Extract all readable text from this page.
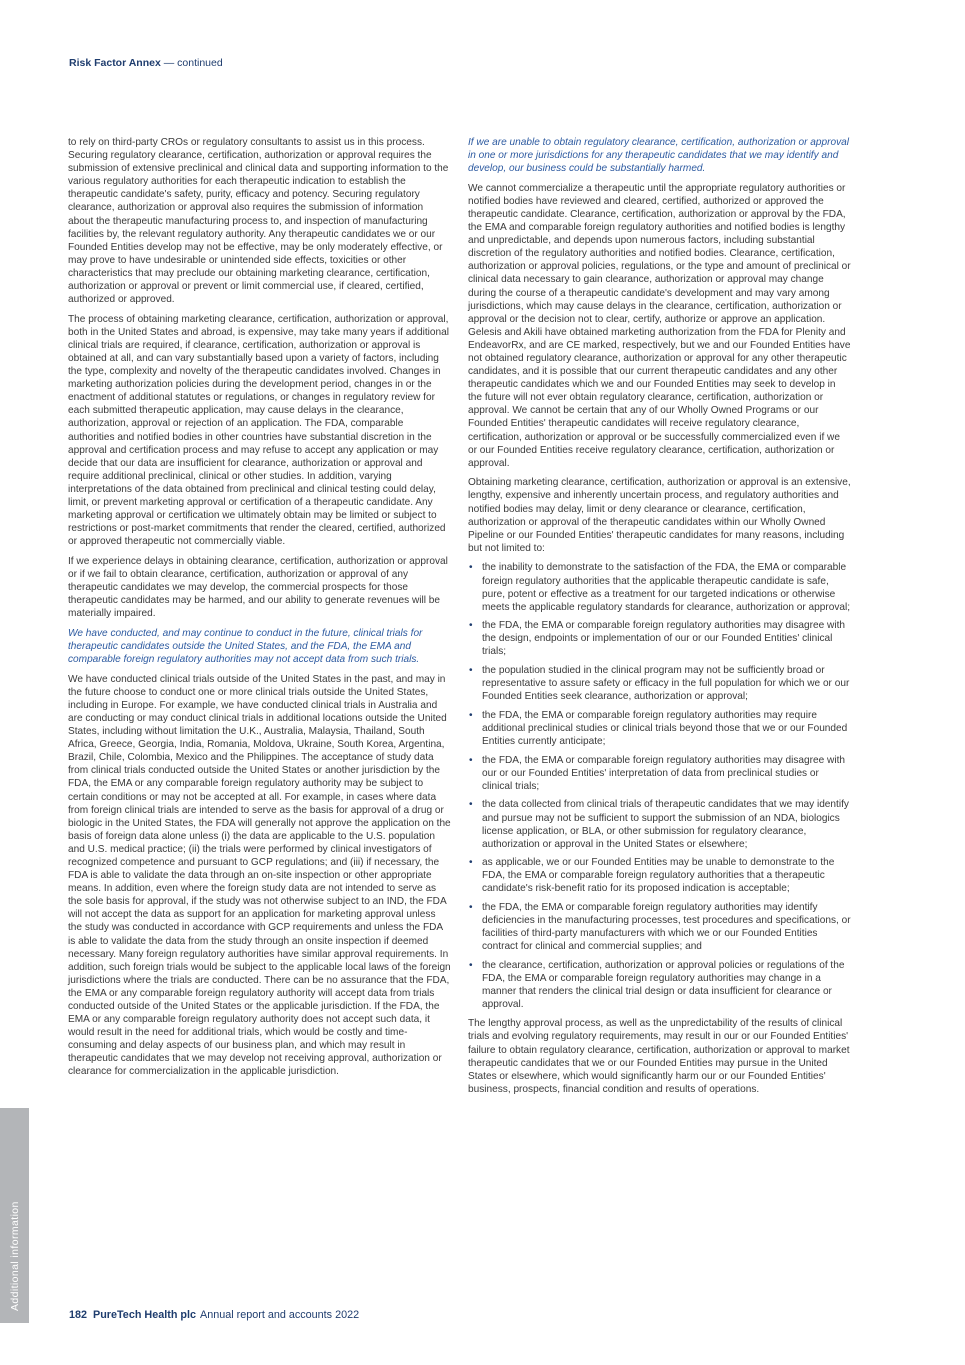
Risk Factor Annex — continued

to rely on third-party CROs or regulatory consultants to assist us in this process. Securing regulatory clearance, certification, authorization or approval requires the submission of extensive preclinical and clinical data and supporting information to the various regulatory authorities for each therapeutic indication to establish the therapeutic candidate's safety, purity, efficacy and potency. Securing regulatory clearance, authorization or approval also requires the submission of information about the therapeutic manufacturing process to, and inspection of manufacturing facilities by, the relevant regulatory authority. Any therapeutic candidates we or our Founded Entities develop may not be effective, may be only moderately effective, or may prove to have undesirable or unintended side effects, toxicities or other characteristics that may preclude our obtaining marketing clearance, certification, authorization or approval or prevent or limit commercial use, if cleared, certified, authorized or approved.

The process of obtaining marketing clearance, certification, authorization or approval, both in the United States and abroad, is expensive, may take many years if additional clinical trials are required, if clearance, certification, authorization or approval is obtained at all, and can vary substantially based upon a variety of factors, including the type, complexity and novelty of the therapeutic candidates involved. Changes in marketing authorization policies during the development period, changes in or the enactment of additional statutes or regulations, or changes in regulatory review for each submitted therapeutic application, may cause delays in the clearance, authorization, approval or rejection of an application. The FDA, comparable authorities and notified bodies in other countries have substantial discretion in the approval and certification process and may refuse to accept any application or may decide that our data are insufficient for clearance, authorization or approval and require additional preclinical, clinical or other studies. In addition, varying interpretations of the data obtained from preclinical and clinical testing could delay, limit, or prevent marketing approval or certification of a therapeutic candidate. Any marketing approval or certification we ultimately obtain may be limited or subject to restrictions or post-market commitments that render the cleared, certified, authorized or approved therapeutic not commercially viable.

If we experience delays in obtaining clearance, certification, authorization or approval or if we fail to obtain clearance, certification, authorization or approval of any therapeutic candidates we may develop, the commercial prospects for those therapeutic candidates may be harmed, and our ability to generate revenues will be materially impaired.

We have conducted, and may continue to conduct in the future, clinical trials for therapeutic candidates outside the United States, and the FDA, the EMA and comparable foreign regulatory authorities may not accept data from such trials.

We have conducted clinical trials outside of the United States in the past, and may in the future choose to conduct one or more clinical trials outside the United States, including in Europe. For example, we have conducted clinical trials in Australia and are conducting or may conduct clinical trials in additional locations outside the United States, including without limitation the U.K., Australia, Malaysia, Thailand, South Africa, Greece, Georgia, India, Romania, Moldova, Ukraine, South Korea, Argentina, Brazil, Chile, Colombia, Mexico and the Philippines. The acceptance of study data from clinical trials conducted outside the United States or another jurisdiction by the FDA, the EMA or any comparable foreign regulatory authority may be subject to certain conditions or may not be accepted at all. For example, in cases where data from foreign clinical trials are intended to serve as the basis for approval of a drug or biologic in the United States, the FDA will generally not approve the application on the basis of foreign data alone unless (i) the data are applicable to the U.S. population and U.S. medical practice; (ii) the trials were performed by clinical investigators of recognized competence and pursuant to GCP regulations; and (iii) if necessary, the FDA is able to validate the data through an on-site inspection or other appropriate means. In addition, even where the foreign study data are not intended to serve as the sole basis for approval, if the study was not otherwise subject to an IND, the FDA will not accept the data as support for an application for marketing approval unless the study was conducted in accordance with GCP requirements and unless the FDA is able to validate the data from the study through an onsite inspection if deemed necessary. Many foreign regulatory authorities have similar approval requirements. In addition, such foreign trials would be subject to the applicable local laws of the foreign jurisdictions where the trials are conducted. There can be no assurance that the FDA, the EMA or any comparable foreign regulatory authority will accept data from trials conducted outside of the United States or the applicable jurisdiction. If the FDA, the EMA or any comparable foreign regulatory authority does not accept such data, it would result in the need for additional trials, which would be costly and time-consuming and delay aspects of our business plan, and which may result in therapeutic candidates that we may develop not receiving approval, authorization or clearance for commercialization in the applicable jurisdiction.

If we are unable to obtain regulatory clearance, certification, authorization or approval in one or more jurisdictions for any therapeutic candidates that we may identify and develop, our business could be substantially harmed.

We cannot commercialize a therapeutic until the appropriate regulatory authorities or notified bodies have reviewed and cleared, certified, authorized or approved the therapeutic candidate. Clearance, certification, authorization or approval by the FDA, the EMA and comparable foreign regulatory authorities and notified bodies is lengthy and unpredictable, and depends upon numerous factors, including substantial discretion of the regulatory authorities and notified bodies. Clearance, certification, authorization or approval policies, regulations, or the type and amount of preclinical or clinical data necessary to gain clearance, authorization or approval may change during the course of a therapeutic candidate's development and may vary among jurisdictions, which may cause delays in the clearance, certification, authorization or approval or the decision not to clear, certify, authorize or approve an application. Gelesis and Akili have obtained marketing authorization from the FDA for Plenity and EndeavorRx, and are CE marked, respectively, but we and our Founded Entities have not obtained regulatory clearance, authorization or approval for any other therapeutic candidates, and it is possible that our current therapeutic candidates and any other therapeutic candidates which we and our Founded Entities may seek to develop in the future will not ever obtain regulatory clearance, certification, authorization or approval. We cannot be certain that any of our Wholly Owned Programs or our Founded Entities' therapeutic candidates will receive regulatory clearance, certification, authorization or approval or be successfully commercialized even if we or our Founded Entities receive regulatory clearance, certification, authorization or approval.

Obtaining marketing clearance, certification, authorization or approval is an extensive, lengthy, expensive and inherently uncertain process, and regulatory authorities and notified bodies may delay, limit or deny clearance or clearance, certification, authorization or approval of the therapeutic candidates within our Wholly Owned Pipeline or our Founded Entities' therapeutic candidates for many reasons, including but not limited to:

• the inability to demonstrate to the satisfaction of the FDA, the EMA or comparable foreign regulatory authorities that the applicable therapeutic candidate is safe, pure, potent or effective as a treatment for our targeted indications or otherwise meets the applicable regulatory standards for clearance, authorization or approval;
• the FDA, the EMA or comparable foreign regulatory authorities may disagree with the design, endpoints or implementation of our or our Founded Entities' clinical trials;
• the population studied in the clinical program may not be sufficiently broad or representative to assure safety or efficacy in the full population for which we or our Founded Entities seek clearance, authorization or approval;
• the FDA, the EMA or comparable foreign regulatory authorities may require additional preclinical studies or clinical trials beyond those that we or our Founded Entities currently anticipate;
• the FDA, the EMA or comparable foreign regulatory authorities may disagree with our or our Founded Entities' interpretation of data from preclinical studies or clinical trials;
• the data collected from clinical trials of therapeutic candidates that we may identify and pursue may not be sufficient to support the submission of an NDA, biologics license application, or BLA, or other submission for regulatory clearance, authorization or approval in the United States or elsewhere;
• as applicable, we or our Founded Entities may be unable to demonstrate to the FDA, the EMA or comparable foreign regulatory authorities that a therapeutic candidate's risk-benefit ratio for its proposed indication is acceptable;
• the FDA, the EMA or comparable foreign regulatory authorities may identify deficiencies in the manufacturing processes, test procedures and specifications, or facilities of third-party manufacturers with which we or our Founded Entities contract for clinical and commercial supplies; and
• the clearance, certification, authorization or approval policies or regulations of the FDA, the EMA or comparable foreign regulatory authorities may change in a manner that renders the clinical trial design or data insufficient for clearance or approval.

The lengthy approval process, as well as the unpredictability of the results of clinical trials and evolving regulatory requirements, may result in our or our Founded Entities' failure to obtain regulatory clearance, certification, authorization or approval to market therapeutic candidates that we or our Founded Entities may pursue in the United States or elsewhere, which would significantly harm our or our Founded Entities' business, prospects, financial condition and results of operations.

Additional information
182 PureTech Health plc Annual report and accounts 2022
